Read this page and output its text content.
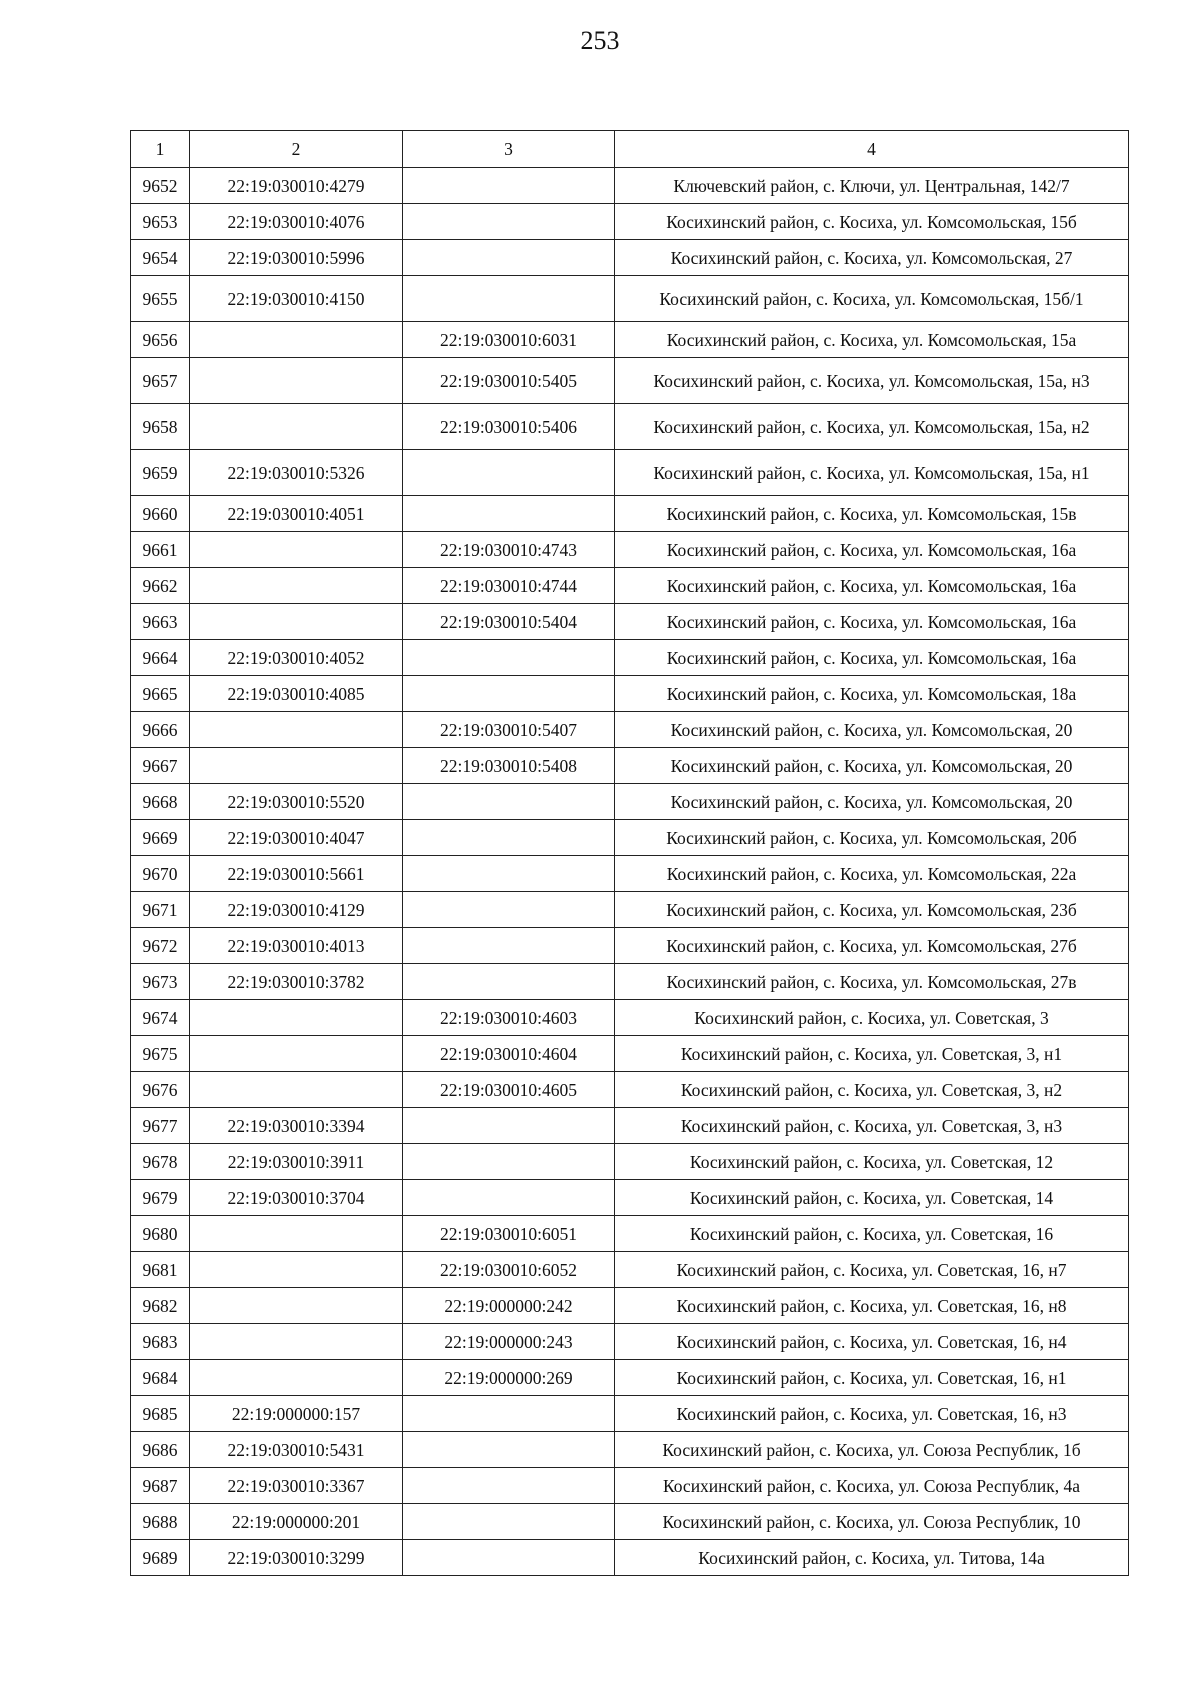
253
1	2	3	4
9652	22:19:030010:4279		Ключевский район, с. Ключи, ул. Центральная, 142/7
9653	22:19:030010:4076		Косихинский район, с. Косиха, ул. Комсомольская, 15б
9654	22:19:030010:5996		Косихинский район, с. Косиха, ул. Комсомольская, 27
9655	22:19:030010:4150		Косихинский район, с. Косиха, ул. Комсомольская, 15б/1
9656		22:19:030010:6031	Косихинский район, с. Косиха, ул. Комсомольская, 15а
9657		22:19:030010:5405	Косихинский район, с. Косиха, ул. Комсомольская, 15а, н3
9658		22:19:030010:5406	Косихинский район, с. Косиха, ул. Комсомольская, 15а, н2
9659	22:19:030010:5326		Косихинский район, с. Косиха, ул. Комсомольская, 15а, н1
9660	22:19:030010:4051		Косихинский район, с. Косиха, ул. Комсомольская, 15в
9661		22:19:030010:4743	Косихинский район, с. Косиха, ул. Комсомольская, 16а
9662		22:19:030010:4744	Косихинский район, с. Косиха, ул. Комсомольская, 16а
9663		22:19:030010:5404	Косихинский район, с. Косиха, ул. Комсомольская, 16а
9664	22:19:030010:4052		Косихинский район, с. Косиха, ул. Комсомольская, 16а
9665	22:19:030010:4085		Косихинский район, с. Косиха, ул. Комсомольская, 18а
9666		22:19:030010:5407	Косихинский район, с. Косиха, ул. Комсомольская, 20
9667		22:19:030010:5408	Косихинский район, с. Косиха, ул. Комсомольская, 20
9668	22:19:030010:5520		Косихинский район, с. Косиха, ул. Комсомольская, 20
9669	22:19:030010:4047		Косихинский район, с. Косиха, ул. Комсомольская, 20б
9670	22:19:030010:5661		Косихинский район, с. Косиха, ул. Комсомольская, 22а
9671	22:19:030010:4129		Косихинский район, с. Косиха, ул. Комсомольская, 23б
9672	22:19:030010:4013		Косихинский район, с. Косиха, ул. Комсомольская, 27б
9673	22:19:030010:3782		Косихинский район, с. Косиха, ул. Комсомольская, 27в
9674		22:19:030010:4603	Косихинский район, с. Косиха, ул. Советская, 3
9675		22:19:030010:4604	Косихинский район, с. Косиха, ул. Советская, 3, н1
9676		22:19:030010:4605	Косихинский район, с. Косиха, ул. Советская, 3, н2
9677	22:19:030010:3394		Косихинский район, с. Косиха, ул. Советская, 3, н3
9678	22:19:030010:3911		Косихинский район, с. Косиха, ул. Советская, 12
9679	22:19:030010:3704		Косихинский район, с. Косиха, ул. Советская, 14
9680		22:19:030010:6051	Косихинский район, с. Косиха, ул. Советская, 16
9681		22:19:030010:6052	Косихинский район, с. Косиха, ул. Советская, 16, н7
9682		22:19:000000:242	Косихинский район, с. Косиха, ул. Советская, 16, н8
9683		22:19:000000:243	Косихинский район, с. Косиха, ул. Советская, 16, н4
9684		22:19:000000:269	Косихинский район, с. Косиха, ул. Советская, 16, н1
9685	22:19:000000:157		Косихинский район, с. Косиха, ул. Советская, 16, н3
9686	22:19:030010:5431		Косихинский район, с. Косиха, ул. Союза Республик, 1б
9687	22:19:030010:3367		Косихинский район, с. Косиха, ул. Союза Республик, 4а
9688	22:19:000000:201		Косихинский район, с. Косиха, ул. Союза Республик, 10
9689	22:19:030010:3299		Косихинский район, с. Косиха, ул. Титова, 14а
